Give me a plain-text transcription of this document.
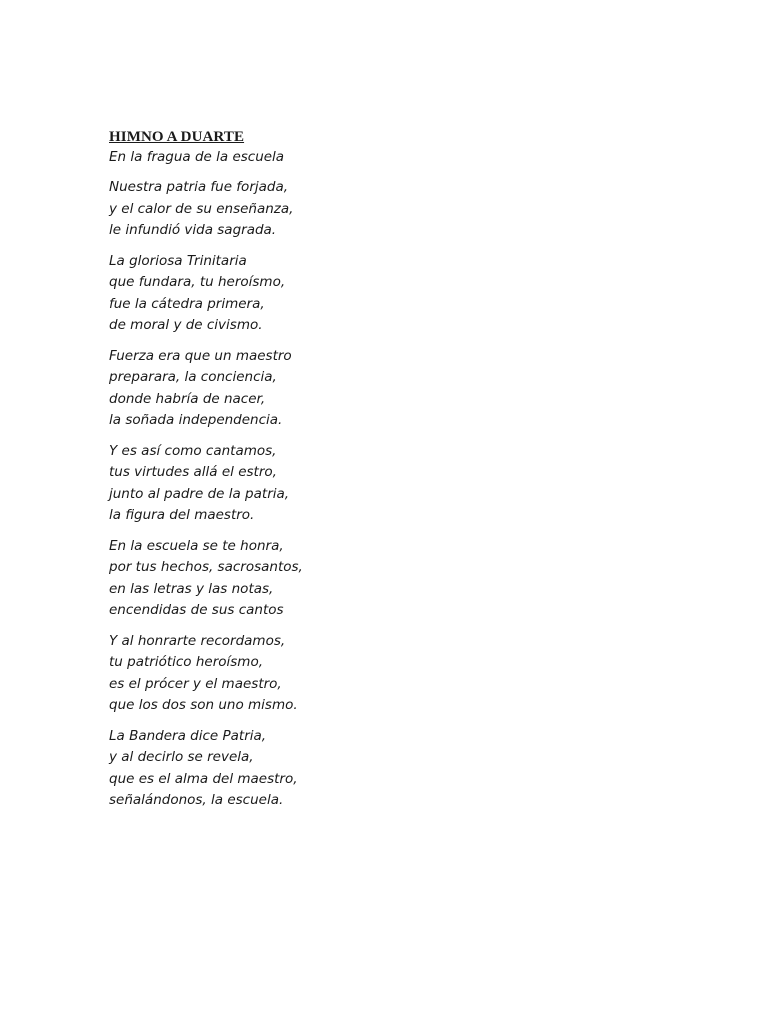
HIMNO A DUARTE
En la fragua de la escuela
Nuestra patria fue forjada,
y el calor de su enseñanza,
le infundió vida sagrada.
La gloriosa Trinitaria
que fundara, tu heroísmo,
fue la cátedra primera,
de moral y de civismo.
Fuerza era que un maestro
preparara, la conciencia,
donde habría de nacer,
la soñada independencia.
Y es así como cantamos,
tus virtudes allá el estro,
junto al padre de la patria,
la figura del maestro.
En la escuela se te honra,
por tus hechos, sacrosantos,
en las letras y las notas,
encendidas de sus cantos
Y al honrarte recordamos,
tu patriótico heroísmo,
es el prócer y el maestro,
que los dos son uno mismo.
La Bandera dice Patria,
y al decirlo se revela,
que es el alma del maestro,
señalándonos, la escuela.
